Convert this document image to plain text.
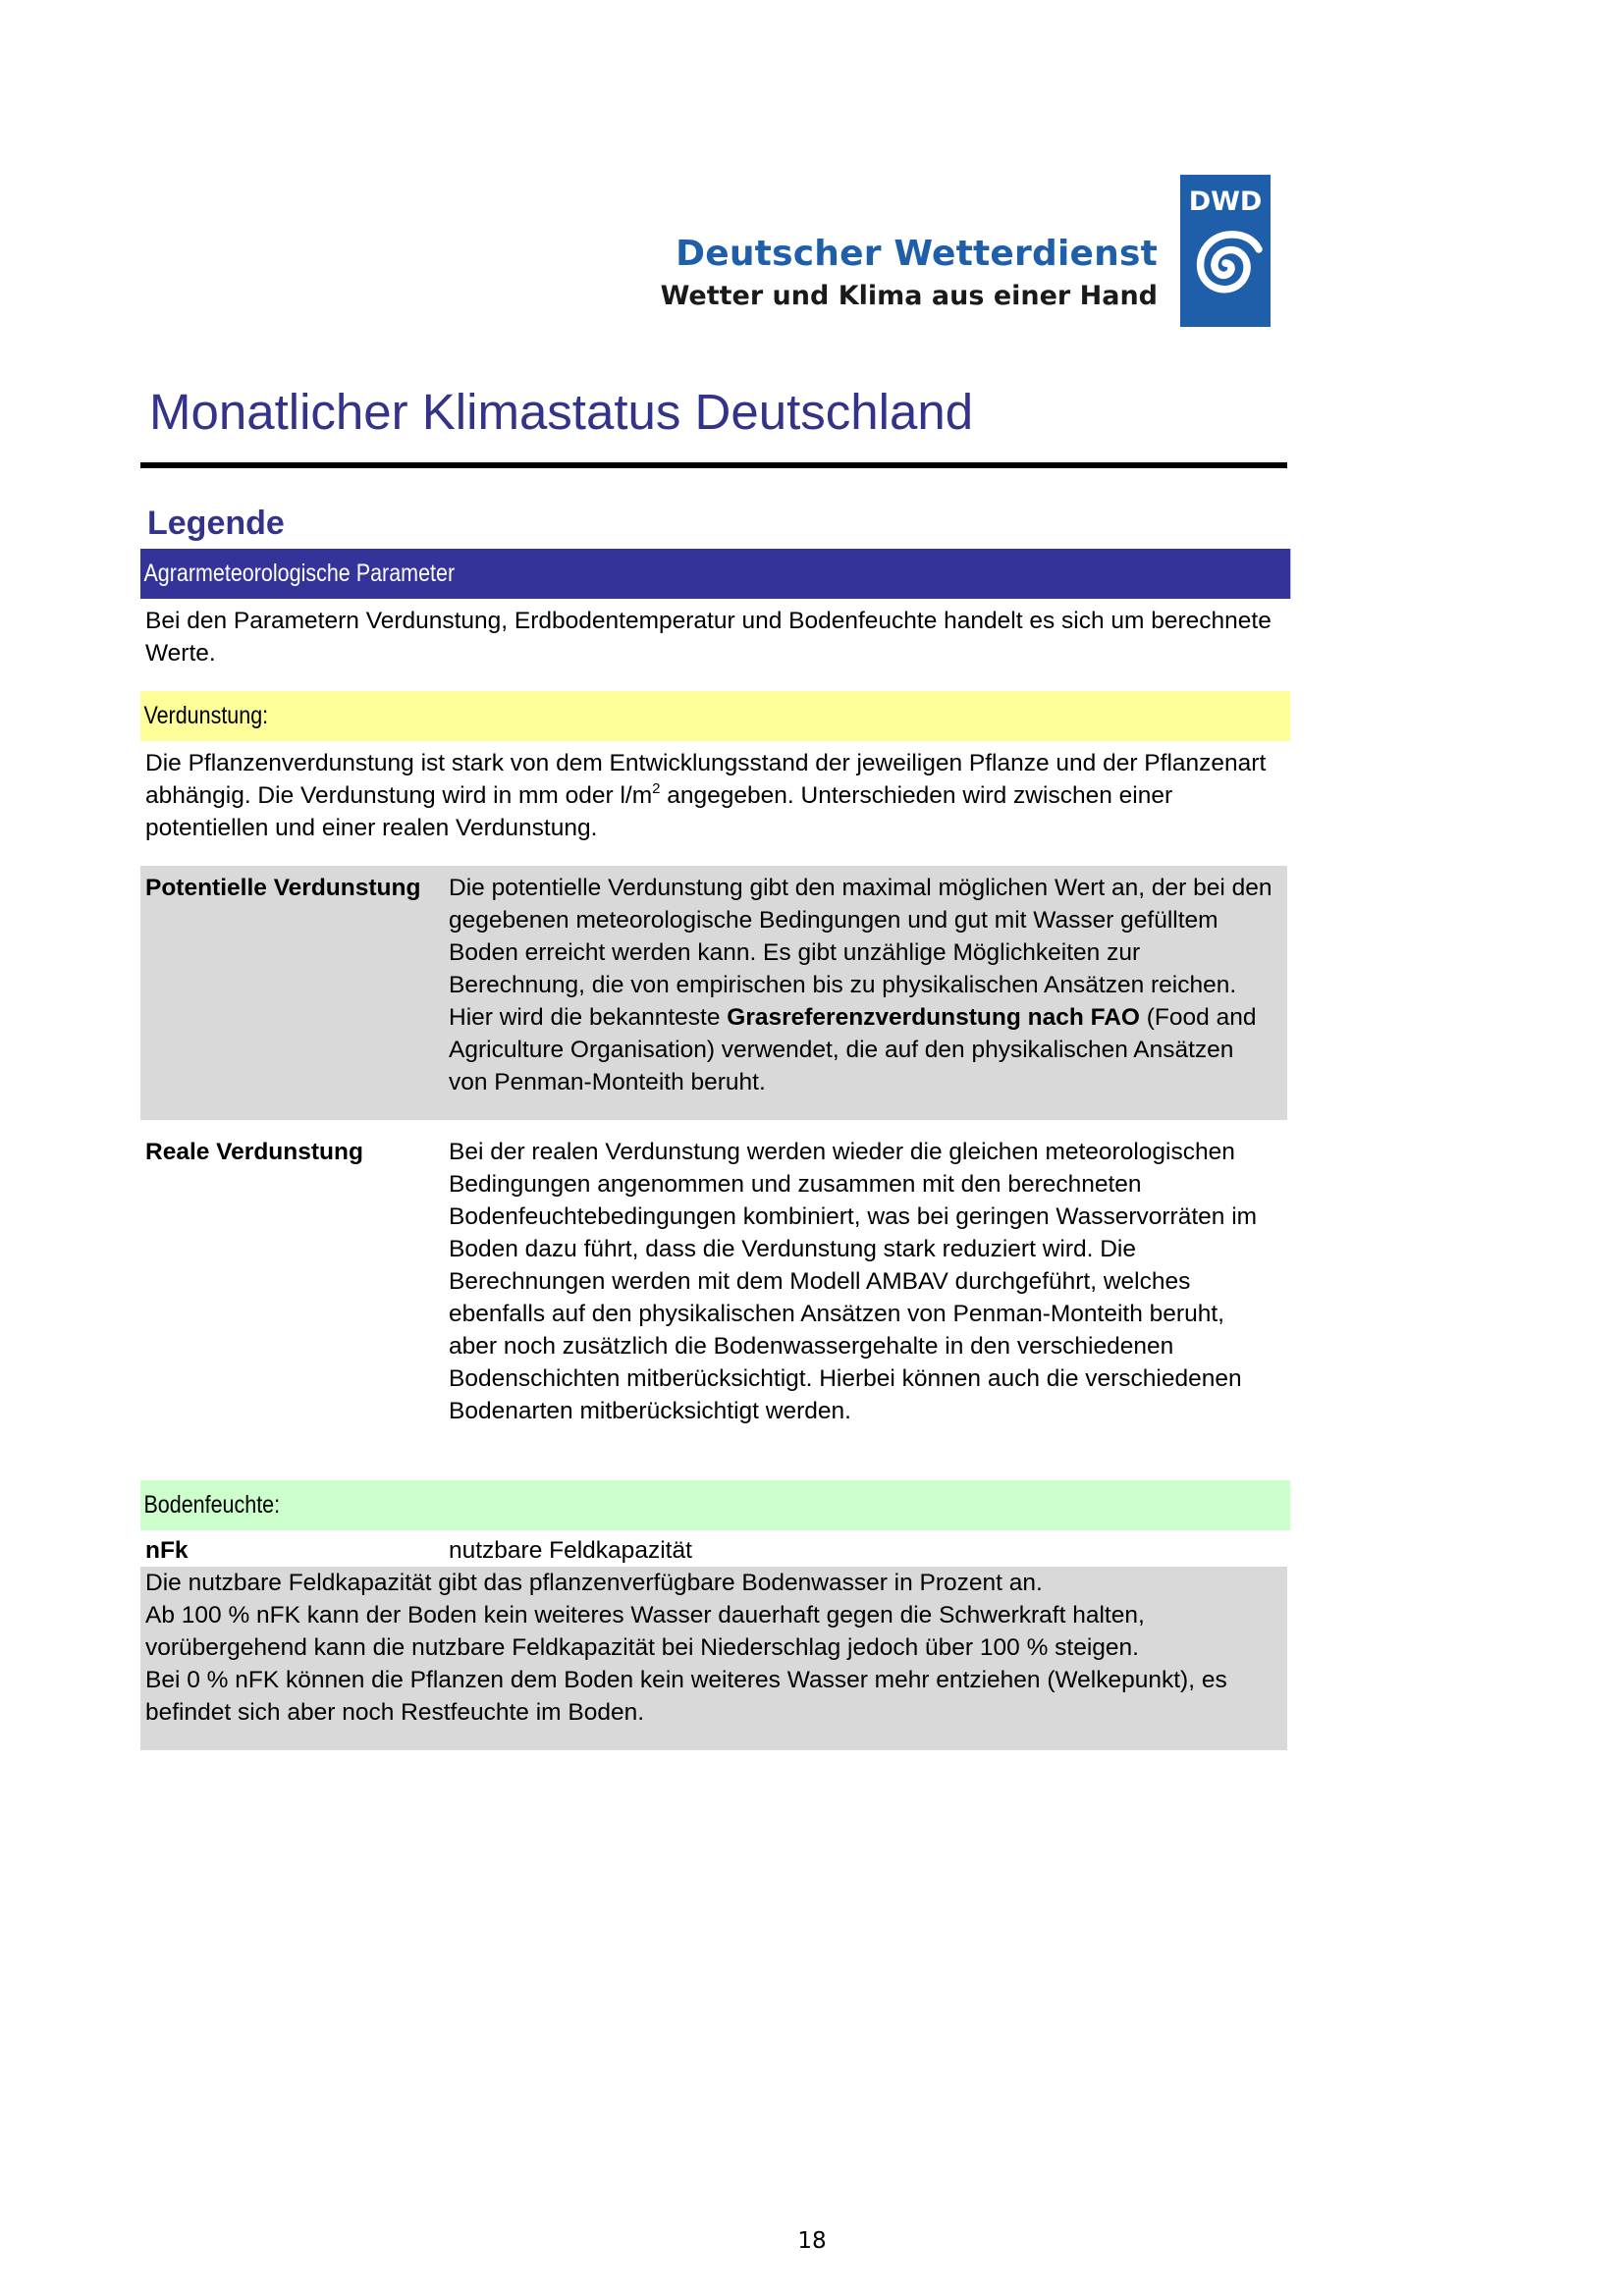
Deutscher Wetterdienst
Wetter und Klima aus einer Hand
DWD
Monatlicher Klimastatus Deutschland
Legende
Agrarmeteorologische Parameter
Bei den Parametern Verdunstung, Erdbodentemperatur und Bodenfeuchte handelt es sich um berechnete Werte.
Verdunstung:
Die Pflanzenverdunstung ist stark von dem Entwicklungsstand der jeweiligen Pflanze und der Pflanzenart abhängig. Die Verdunstung wird in mm oder $l/m^2$ angegeben. Unterschieden wird zwischen einer potentiellen und einer realen Verdunstung.
Potentielle Verdunstung	Die potentielle Verdunstung gibt den maximal möglichen Wert an, der bei den gegebenen meteorologische Bedingungen und gut mit Wasser gefülltem Boden erreicht werden kann. Es gibt unzählige Möglichkeiten zur Berechnung, die von empirischen bis zu physikalischen Ansätzen reichen. Hier wird die bekannteste Grasreferenzverdunstung nach FAO (Food and Agriculture Organisation) verwendet, die auf den physikalischen Ansätzen von Penman-Monteith beruht.
Reale Verdunstung	Bei der realen Verdunstung werden wieder die gleichen meteorologischen Bedingungen angenommen und zusammen mit den berechneten Bodenfeuchtebedingungen kombiniert, was bei geringen Wasservorräten im Boden dazu führt, dass die Verdunstung stark reduziert wird. Die Berechnungen werden mit dem Modell AMBAV durchgeführt, welches ebenfalls auf den physikalischen Ansätzen von Penman-Monteith beruht, aber noch zusätzlich die Bodenwassergehalte in den verschiedenen Bodenschichten mitberücksichtigt. Hierbei können auch die verschiedenen Bodenarten mitberücksichtigt werden.
Bodenfeuchte:
nFk	nutzbare Feldkapazität
Die nutzbare Feldkapazität gibt das pflanzenverfügbare Bodenwasser in Prozent an.
Ab 100 % nFK kann der Boden kein weiteres Wasser dauerhaft gegen die Schwerkraft halten, vorübergehend kann die nutzbare Feldkapazität bei Niederschlag jedoch über 100 % steigen.
Bei 0 % nFK können die Pflanzen dem Boden kein weiteres Wasser mehr entziehen (Welkepunkt), es befindet sich aber noch Restfeuchte im Boden.
18
